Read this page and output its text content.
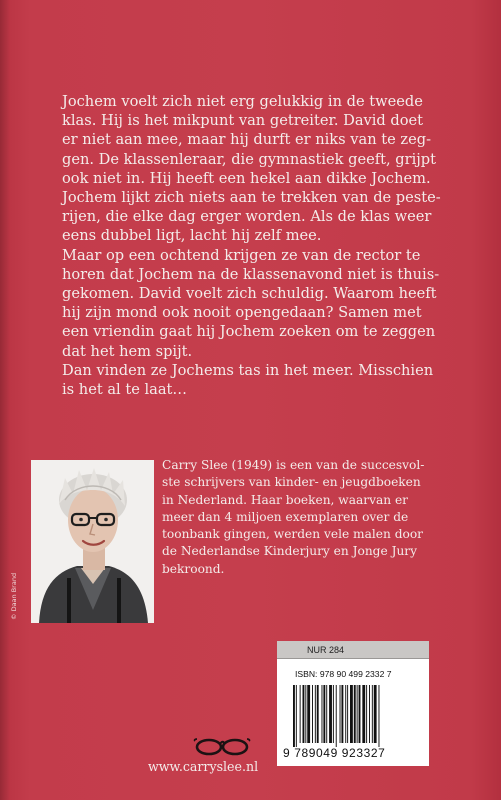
Jochem voelt zich niet erg gelukkig in de tweede

klas. Hij is het mikpunt van getreiter. David doet

er niet aan mee, maar hij durft er niks van te zeg-

gen. De klassenleraar, die gymnastiek geeft, grijpt

ook niet in. Hij heeft een hekel aan dikke Jochem.

Jochem lijkt zich niets aan te trekken van de peste-

rijen, die elke dag erger worden. Als de klas weer

eens dubbel ligt, lacht hij zelf mee.

Maar op een ochtend krijgen ze van de rector te

horen dat Jochem na de klassenavond niet is thuis-

gekomen. David voelt zich schuldig. Waarom heeft

hij zijn mond ook nooit opengedaan? Samen met

een vriendin gaat hij Jochem zoeken om te zeggen

dat het hem spijt.

Dan vinden ze Jochems tas in het meer. Misschien

is het al te laat…

© Daan Brand

Carry Slee (1949) is een van de succesvol-

ste schrijvers van kinder- en jeugdboeken

in Nederland. Haar boeken, waarvan er

meer dan 4 miljoen exemplaren over de

toonbank gingen, werden vele malen door

de Nederlandse Kinderjury en Jonge Jury

bekroond.

NUR 284
ISBN: 978 90 499 2332 7
9 789049 923327
www.carryslee.nl
